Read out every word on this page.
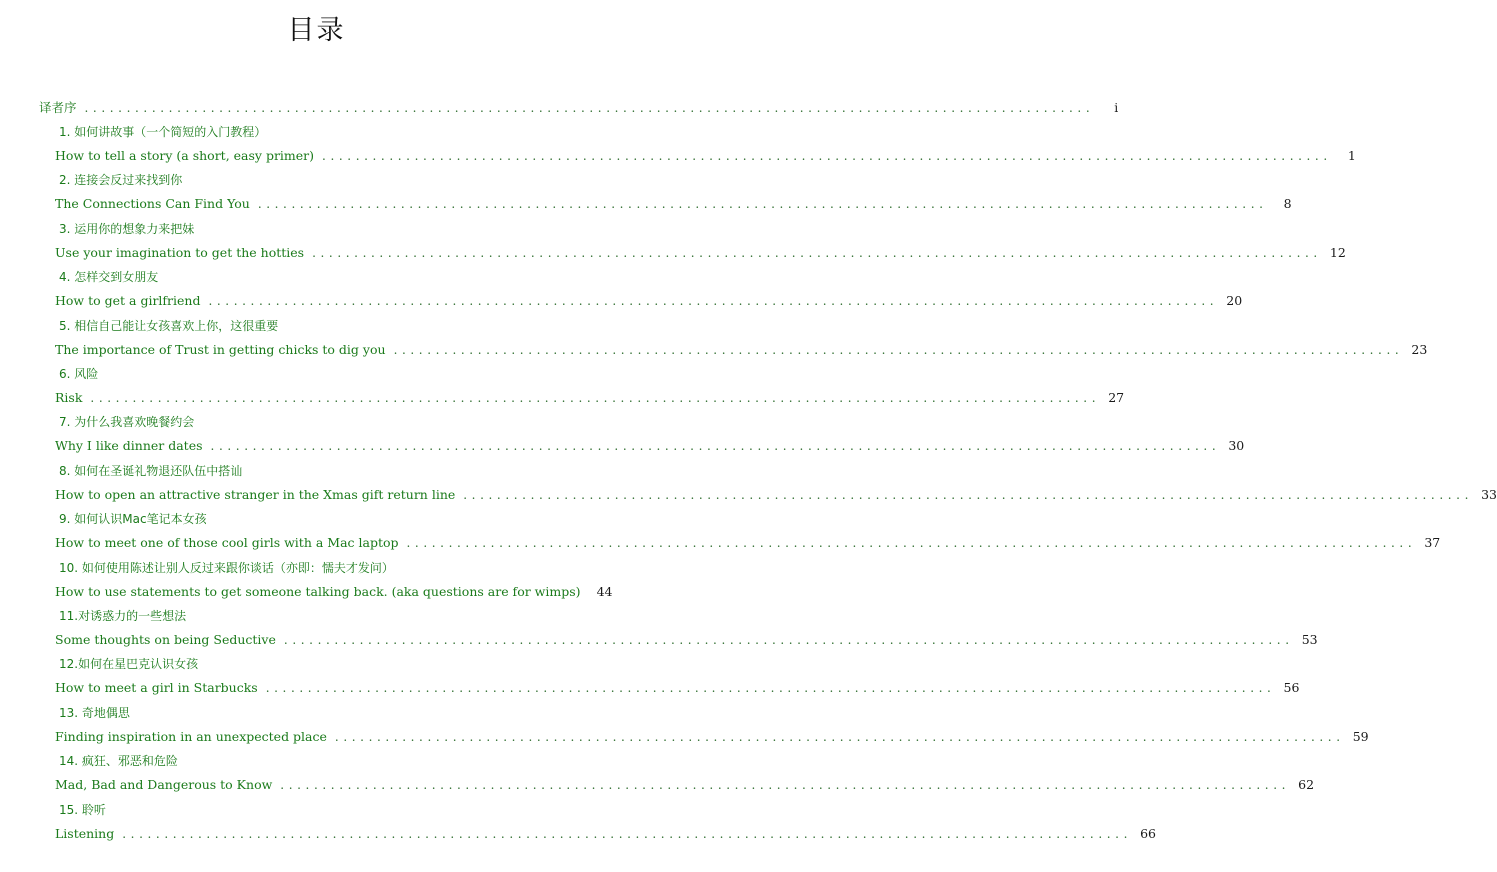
目录
译者序 ........................................................................................................................	i
1. 如何讲故事（一个简短的入门教程）
How to tell a story (a short, easy primer) ........................................................................................................................	1
2. 连接会反过来找到你
The Connections Can Find You ........................................................................................................................	8
3. 运用你的想象力来把妹
Use your imagination to get the hotties ........................................................................................................................ 12
4. 怎样交到女朋友
How to get a girlfriend ........................................................................................................................ 20
5. 相信自己能让女孩喜欢上你，这很重要
The importance of Trust in getting chicks to dig you ........................................................................................................................ 23
6. 风险
Risk ........................................................................................................................ 27
7. 为什么我喜欢晚餐约会
Why I like dinner dates ........................................................................................................................ 30
8. 如何在圣诞礼物退还队伍中搭讪
How to open an attractive stranger in the Xmas gift return line ........................................................................................................................ 33
9. 如何认识Mac笔记本女孩
How to meet one of those cool girls with a Mac laptop ........................................................................................................................ 37
10. 如何使用陈述让别人反过来跟你谈话（亦即：懦夫才发问）
How to use statements to get someone talking back. (aka questions are for wimps) 44
11.对诱惑力的一些想法
Some thoughts on being Seductive ........................................................................................................................ 53
12.如何在星巴克认识女孩
How to meet a girl in Starbucks ........................................................................................................................ 56
13. 奇地偶思
Finding inspiration in an unexpected place ........................................................................................................................ 59
14. 疯狂、邪恶和危险
Mad, Bad and Dangerous to Know ........................................................................................................................ 62
15. 聆听
Listening ........................................................................................................................ 66
